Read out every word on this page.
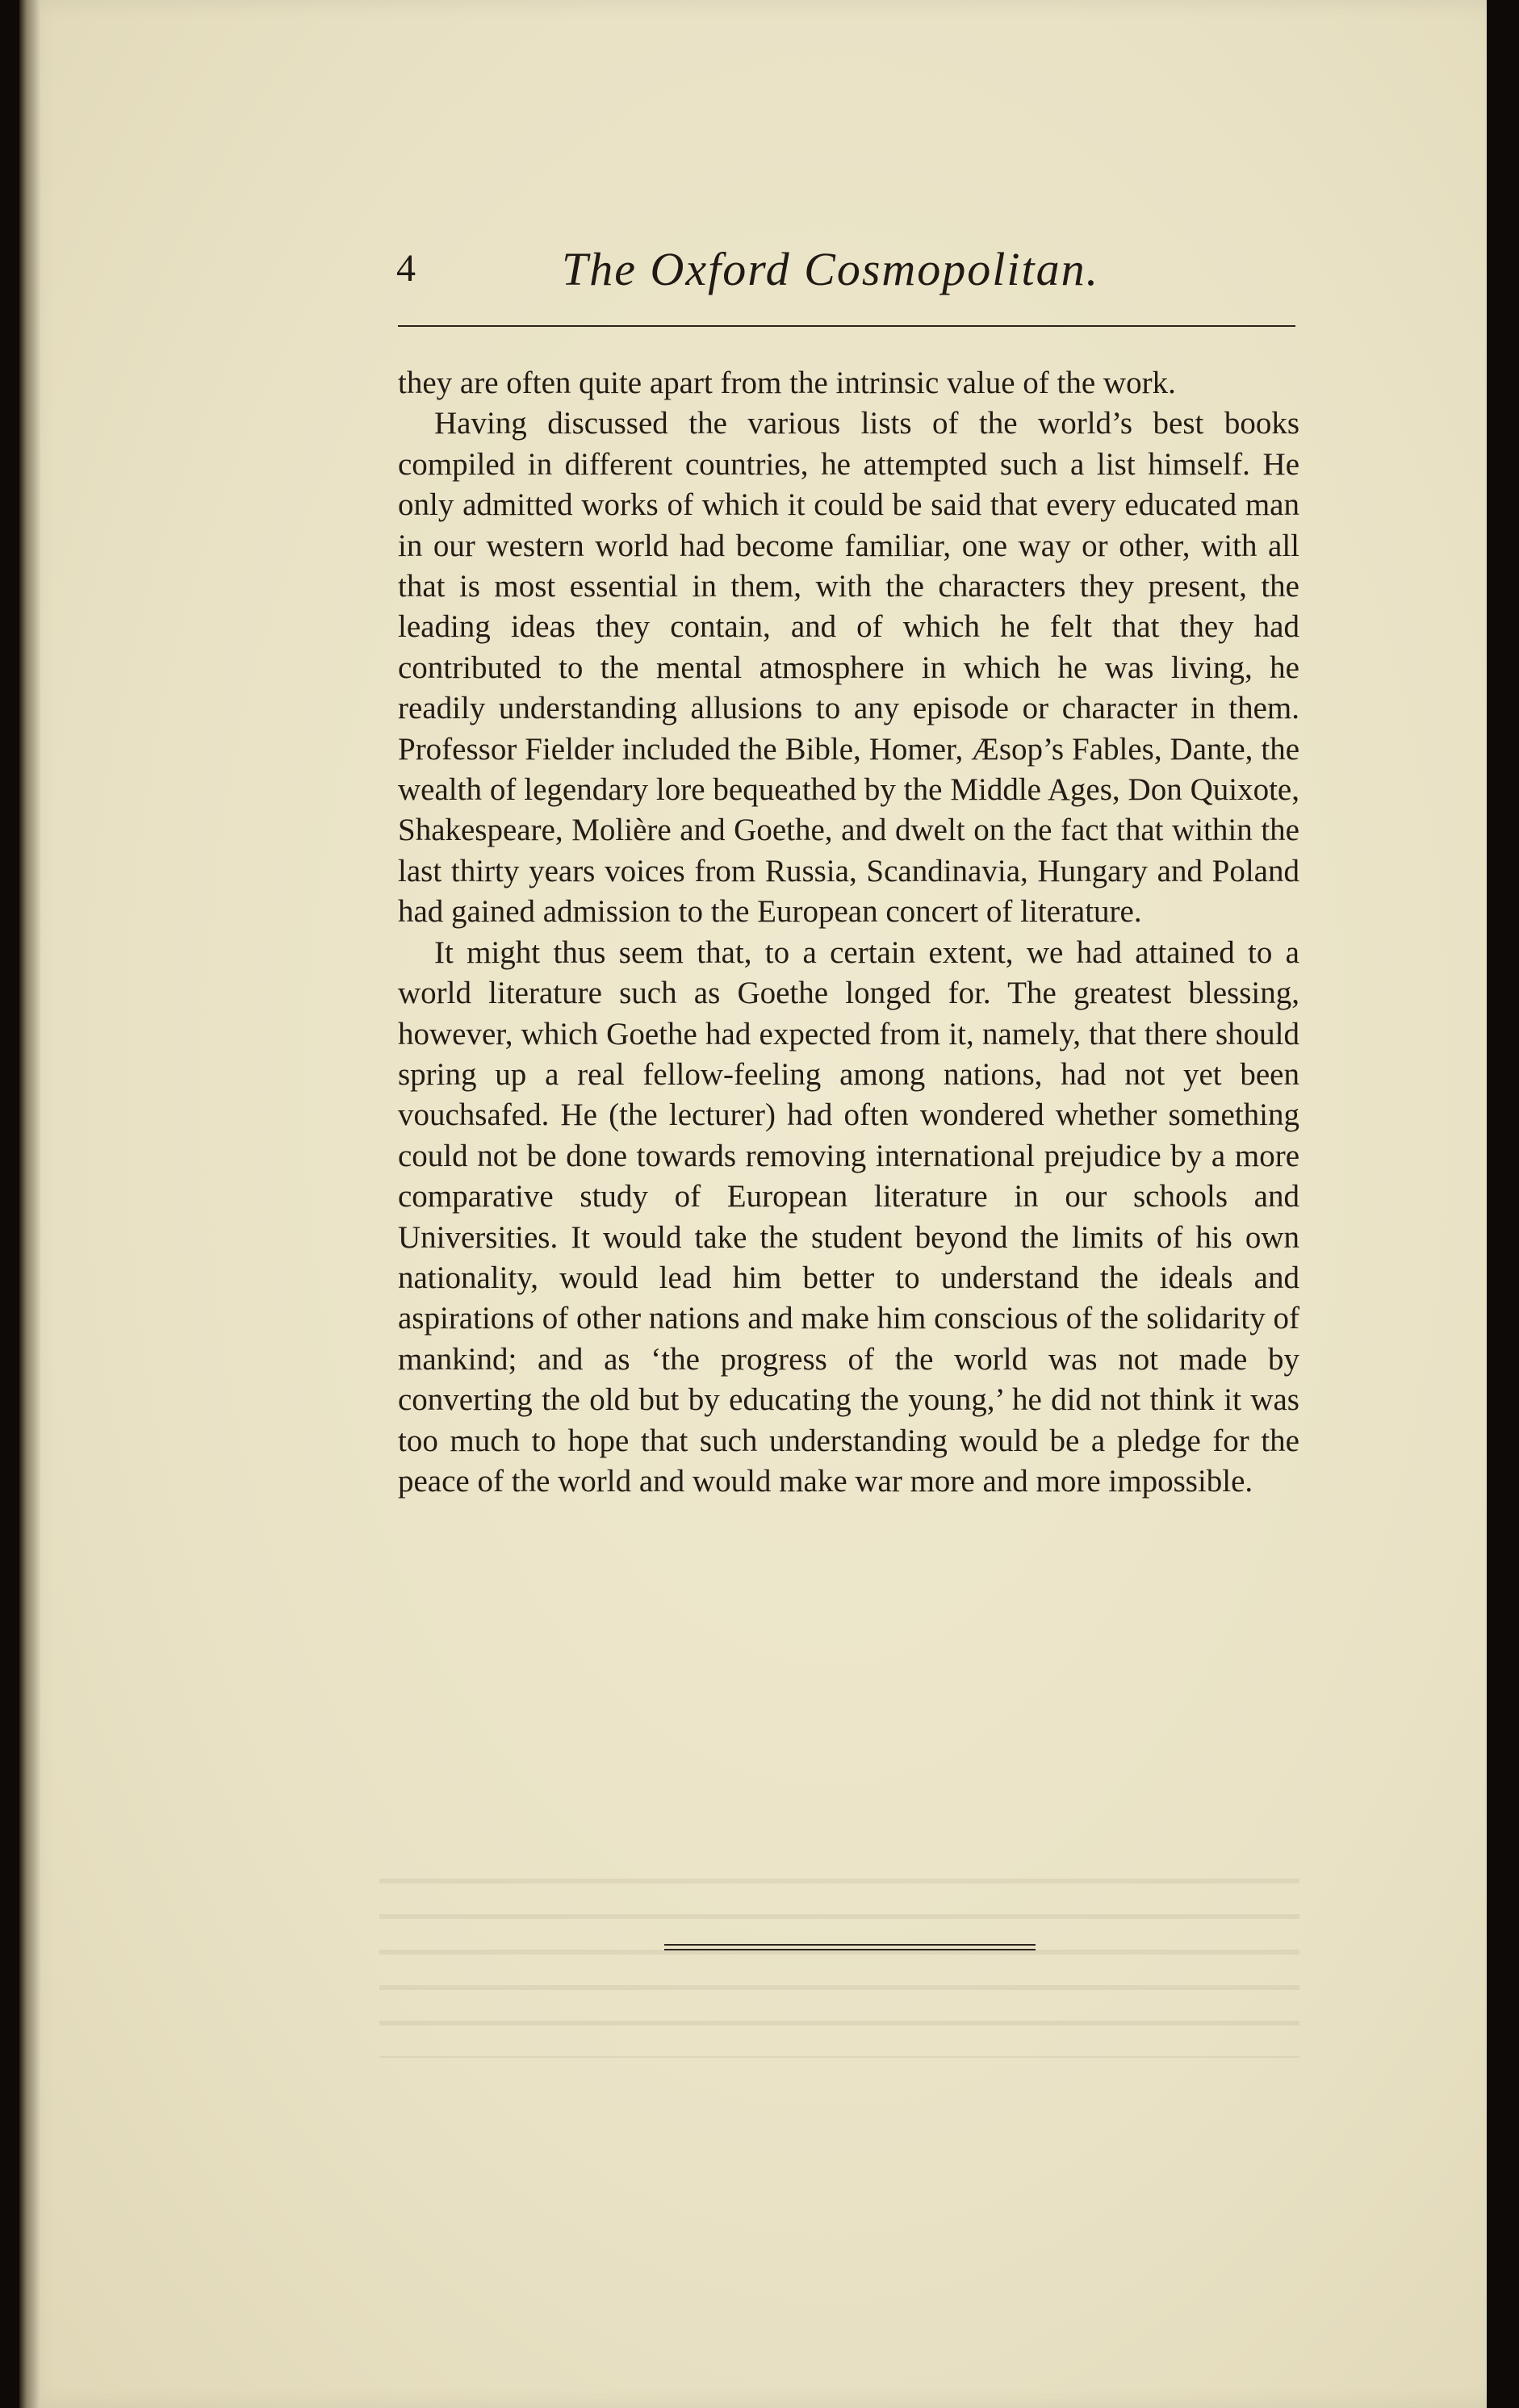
4	The Oxford Cosmopolitan.

they are often quite apart from the intrinsic value of the work.

Having discussed the various lists of the world’s best books compiled in different countries, he attempted such a list himself. He only admitted works of which it could be said that every educated man in our western world had become familiar, one way or other, with all that is most essential in them, with the characters they present, the leading ideas they contain, and of which he felt that they had contributed to the mental atmosphere in which he was living, he readily understanding allusions to any episode or character in them. Professor Fielder included the Bible, Homer, Æsop’s Fables, Dante, the wealth of legendary lore bequeathed by the Middle Ages, Don Quixote, Shakespeare, Molière and Goethe, and dwelt on the fact that within the last thirty years voices from Russia, Scandinavia, Hungary and Poland had gained admission to the European concert of literature.

It might thus seem that, to a certain extent, we had attained to a world literature such as Goethe longed for. The greatest blessing, however, which Goethe had expected from it, namely, that there should spring up a real fellow-feeling among nations, had not yet been vouchsafed. He (the lecturer) had often wondered whether something could not be done towards removing international prejudice by a more comparative study of European literature in our schools and Universities. It would take the student beyond the limits of his own nationality, would lead him better to understand the ideals and aspirations of other nations and make him conscious of the solidarity of mankind; and as ‘the progress of the world was not made by converting the old but by educating the young,’ he did not think it was too much to hope that such understanding would be a pledge for the peace of the world and would make war more and more impossible.
